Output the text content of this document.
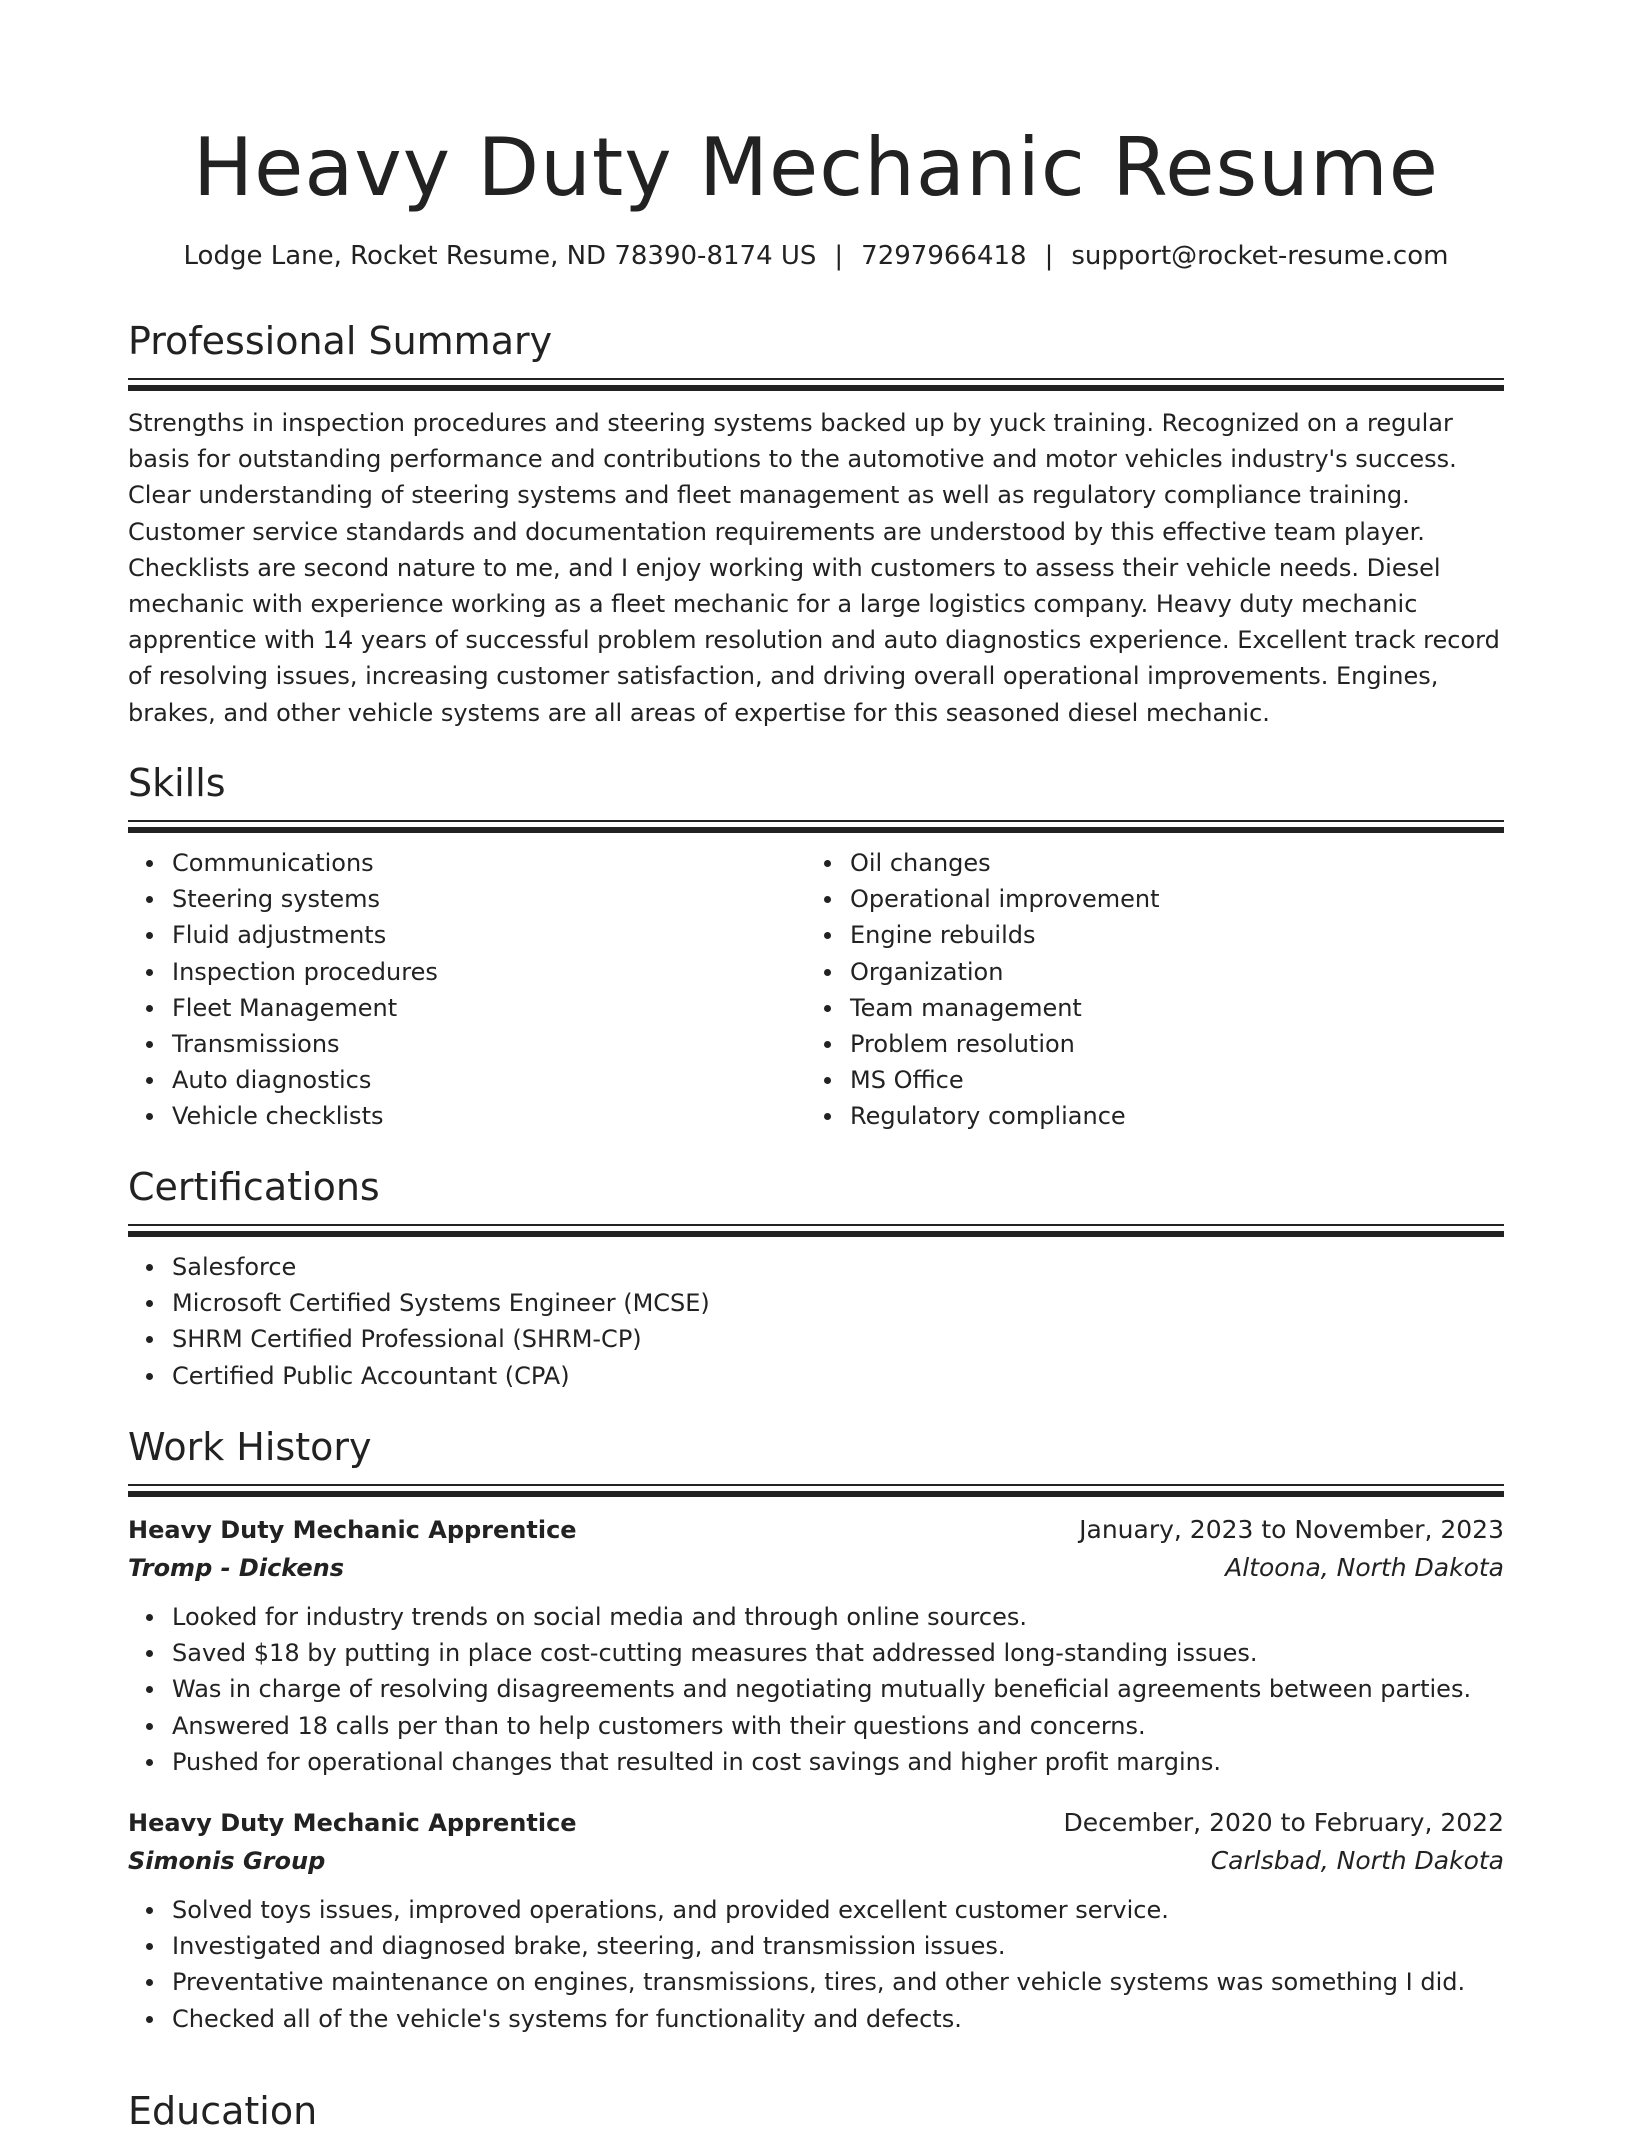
Heavy Duty Mechanic Resume
Lodge Lane, Rocket Resume, ND 78390-8174 US | 7297966418 | support@rocket-resume.com
Professional Summary

Strengths in inspection procedures and steering systems backed up by yuck training. Recognized on a regular basis for outstanding performance and contributions to the automotive and motor vehicles industry's success. Clear understanding of steering systems and fleet management as well as regulatory compliance training. Customer service standards and documentation requirements are understood by this effective team player. Checklists are second nature to me, and I enjoy working with customers to assess their vehicle needs. Diesel mechanic with experience working as a fleet mechanic for a large logistics company. Heavy duty mechanic apprentice with 14 years of successful problem resolution and auto diagnostics experience. Excellent track record of resolving issues, increasing customer satisfaction, and driving overall operational improvements. Engines, brakes, and other vehicle systems are all areas of expertise for this seasoned diesel mechanic.

Skills
Communications
Steering systems
Fluid adjustments
Inspection procedures
Fleet Management
Transmissions
Auto diagnostics
Vehicle checklists
Oil changes
Operational improvement
Engine rebuilds
Organization
Team management
Problem resolution
MS Office
Regulatory compliance
Certifications
Salesforce
Microsoft Certified Systems Engineer (MCSE)
SHRM Certified Professional (SHRM-CP)
Certified Public Accountant (CPA)
Work History
Heavy Duty Mechanic Apprentice	January, 2023 to November, 2023
Tromp - Dickens	Altoona, North Dakota
Looked for industry trends on social media and through online sources.
Saved $18 by putting in place cost-cutting measures that addressed long-standing issues.
Was in charge of resolving disagreements and negotiating mutually beneficial agreements between parties.
Answered 18 calls per than to help customers with their questions and concerns.
Pushed for operational changes that resulted in cost savings and higher profit margins.
Heavy Duty Mechanic Apprentice	December, 2020 to February, 2022
Simonis Group	Carlsbad, North Dakota
Solved toys issues, improved operations, and provided excellent customer service.
Investigated and diagnosed brake, steering, and transmission issues.
Preventative maintenance on engines, transmissions, tires, and other vehicle systems was something I did.
Checked all of the vehicle's systems for functionality and defects.
Education
